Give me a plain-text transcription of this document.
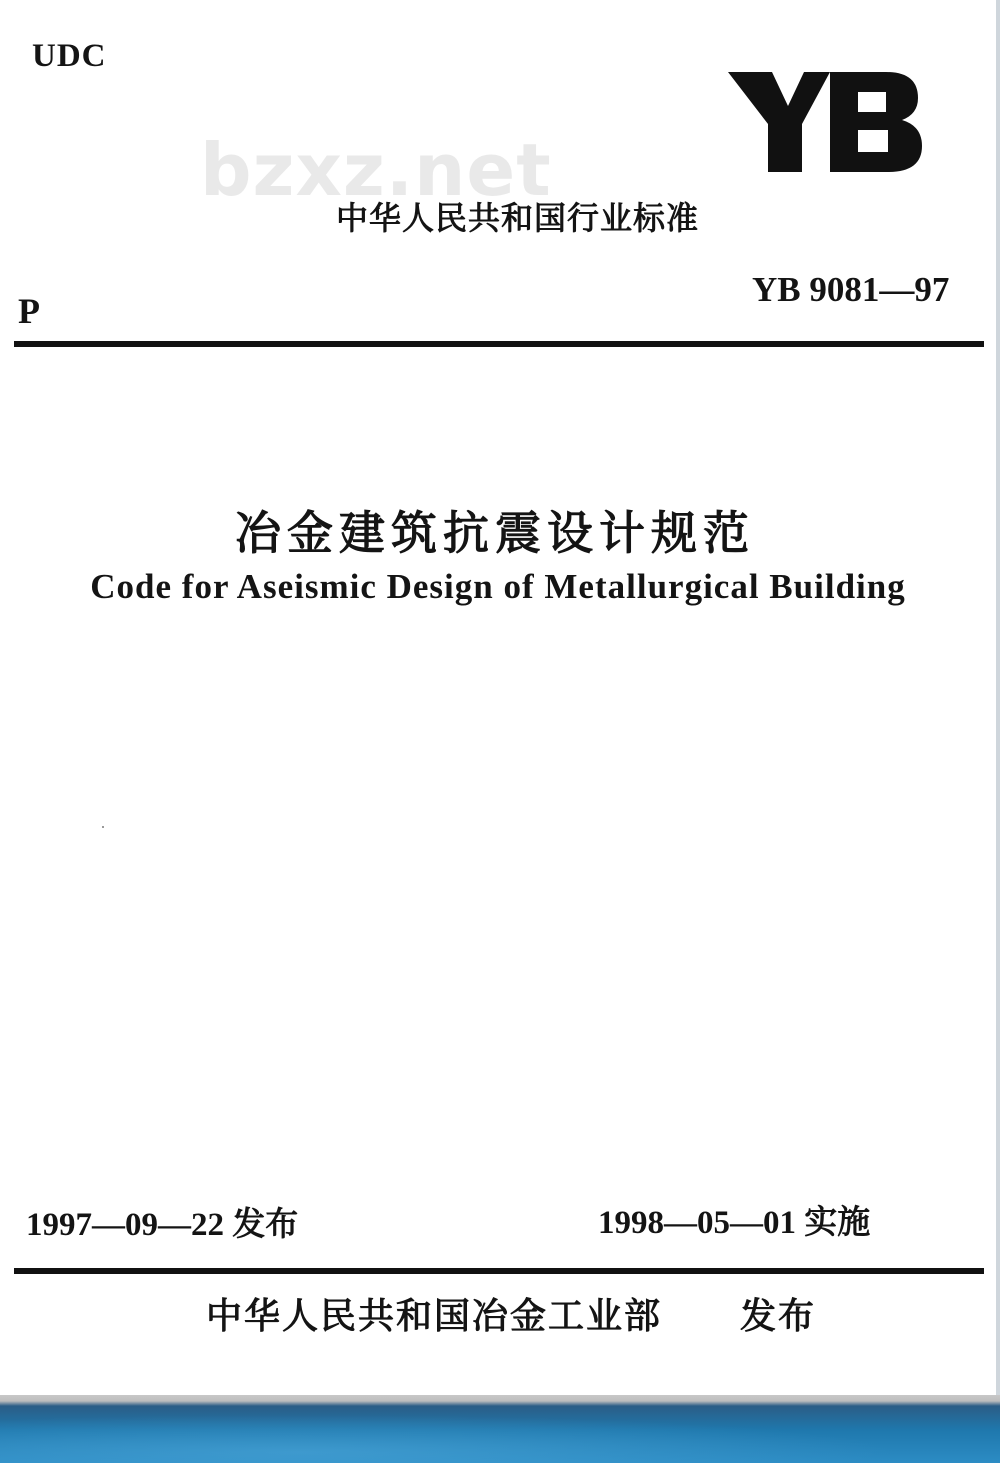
UDC
bzxz.net
中华人民共和国行业标准
P
YB 9081—97
冶金建筑抗震设计规范
Code for Aseismic Design of Metallurgical Building
1997—09—22 发布	1998—05—01 实施
中华人民共和国冶金工业部 发布
